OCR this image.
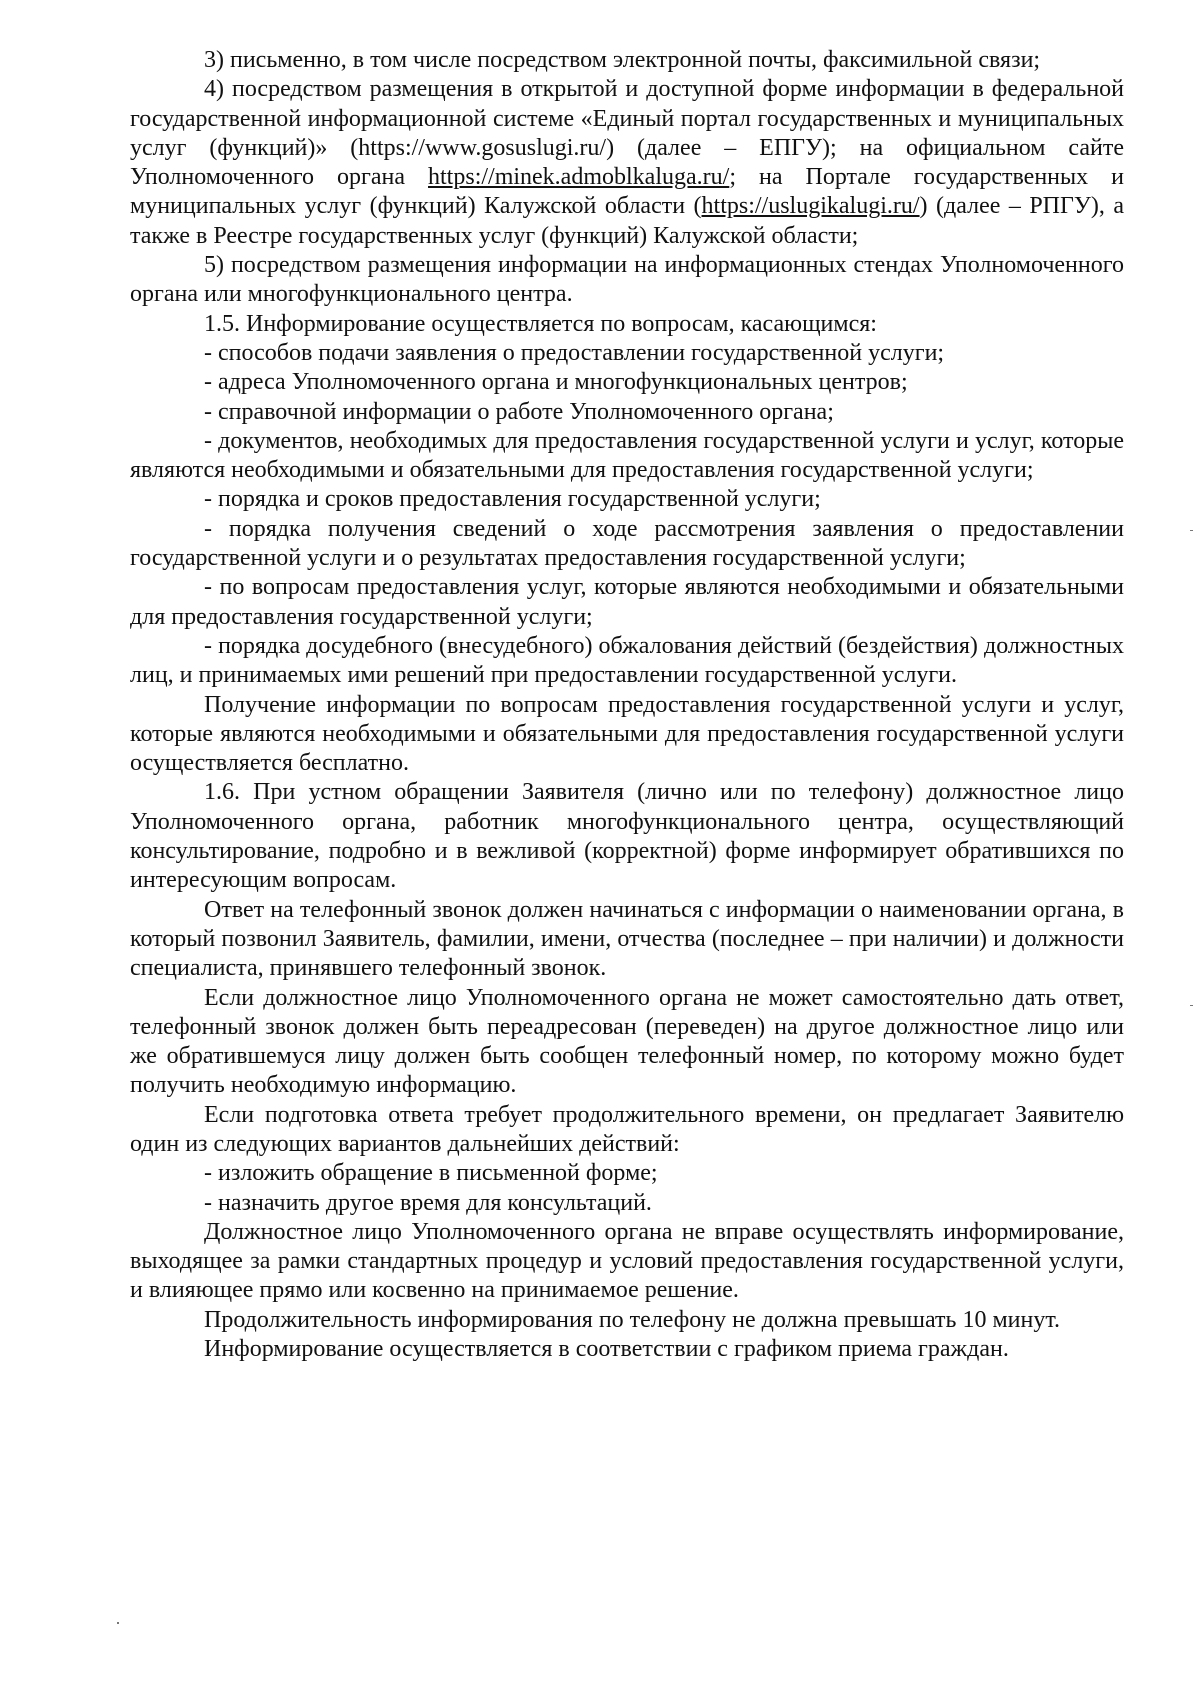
3) письменно, в том числе посредством электронной почты, факсимильной связи;

4) посредством размещения в открытой и доступной форме информации в федеральной государственной информационной системе «Единый портал государственных и муниципальных услуг (функций)» (https://www.gosuslugi.ru/) (далее – ЕПГУ); на официальном сайте Уполномоченного органа https://minek.admoblkaluga.ru/; на Портале государственных и муниципальных услуг (функций) Калужской области (https://uslugikalugi.ru/) (далее – РПГУ), а также в Реестре государственных услуг (функций) Калужской области;

5) посредством размещения информации на информационных стендах Уполномоченного органа или многофункционального центра.

1.5. Информирование осуществляется по вопросам, касающимся:

- способов подачи заявления о предоставлении государственной услуги;

- адреса Уполномоченного органа и многофункциональных центров;

- справочной информации о работе Уполномоченного органа;

- документов, необходимых для предоставления государственной услуги и услуг, которые являются необходимыми и обязательными для предоставления государственной услуги;

- порядка и сроков предоставления государственной услуги;

- порядка получения сведений о ходе рассмотрения заявления о предоставлении государственной услуги и о результатах предоставления государственной услуги;

- по вопросам предоставления услуг, которые являются необходимыми и обязательными для предоставления государственной услуги;

- порядка досудебного (внесудебного) обжалования действий (бездействия) должностных лиц, и принимаемых ими решений при предоставлении государственной услуги.

Получение информации по вопросам предоставления государственной услуги и услуг, которые являются необходимыми и обязательными для предоставления государственной услуги осуществляется бесплатно.

1.6. При устном обращении Заявителя (лично или по телефону) должностное лицо Уполномоченного органа, работник многофункционального центра, осуществляющий консультирование, подробно и в вежливой (корректной) форме информирует обратившихся по интересующим вопросам.

Ответ на телефонный звонок должен начинаться с информации о наименовании органа, в который позвонил Заявитель, фамилии, имени, отчества (последнее – при наличии) и должности специалиста, принявшего телефонный звонок.

Если должностное лицо Уполномоченного органа не может самостоятельно дать ответ, телефонный звонок должен быть переадресован (переведен) на другое должностное лицо или же обратившемуся лицу должен быть сообщен телефонный номер, по которому можно будет получить необходимую информацию.

Если подготовка ответа требует продолжительного времени, он предлагает Заявителю один из следующих вариантов дальнейших действий:

- изложить обращение в письменной форме;

- назначить другое время для консультаций.

Должностное лицо Уполномоченного органа не вправе осуществлять информирование, выходящее за рамки стандартных процедур и условий предоставления государственной услуги, и влияющее прямо или косвенно на принимаемое решение.

Продолжительность информирования по телефону не должна превышать 10 минут.

Информирование осуществляется в соответствии с графиком приема граждан.
